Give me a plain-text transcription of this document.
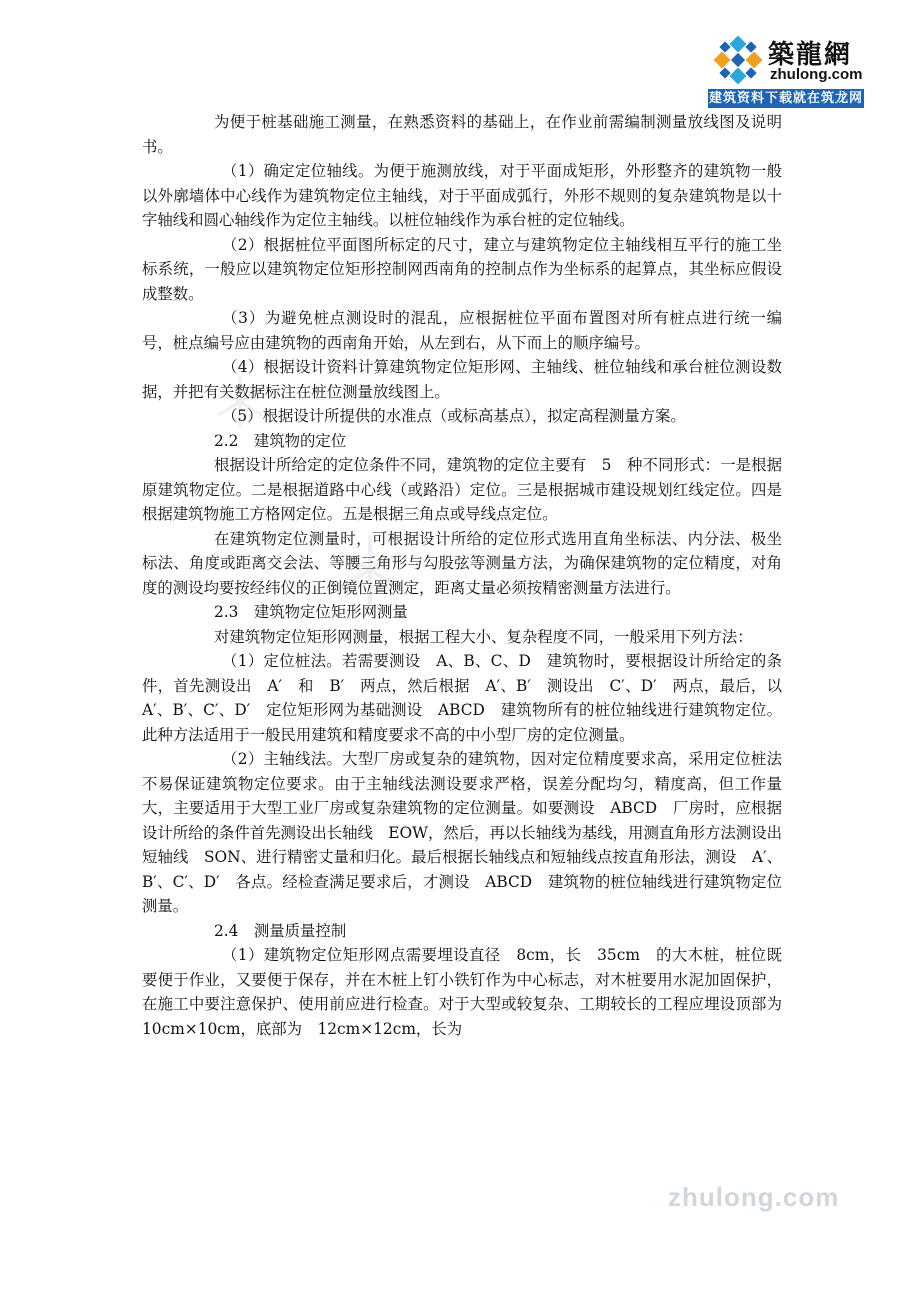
zhulong.com
築龍網
zhulong.com
建筑资料下载就在筑龙网

为便于桩基础施工测量，在熟悉资料的基础上，在作业前需编制测量放线图及说明书。

（1）确定定位轴线。为便于施测放线，对于平面成矩形，外形整齐的建筑物一般以外廓墙体中心线作为建筑物定位主轴线，对于平面成弧行，外形不规则的复杂建筑物是以十字轴线和圆心轴线作为定位主轴线。以桩位轴线作为承台桩的定位轴线。

（2）根据桩位平面图所标定的尺寸，建立与建筑物定位主轴线相互平行的施工坐标系统，一般应以建筑物定位矩形控制网西南角的控制点作为坐标系的起算点，其坐标应假设成整数。

（3）为避免桩点测设时的混乱，应根据桩位平面布置图对所有桩点进行统一编号，桩点编号应由建筑物的西南角开始，从左到右，从下而上的顺序编号。

（4）根据设计资料计算建筑物定位矩形网、主轴线、桩位轴线和承台桩位测设数据，并把有关数据标注在桩位测量放线图上。

（5）根据设计所提供的水准点（或标高基点），拟定高程测量方案。

2.2　建筑物的定位

根据设计所给定的定位条件不同，建筑物的定位主要有　5　种不同形式：一是根据原建筑物定位。二是根据道路中心线（或路沿）定位。三是根据城市建设规划红线定位。四是根据建筑物施工方格网定位。五是根据三角点或导线点定位。

在建筑物定位测量时，可根据设计所给的定位形式选用直角坐标法、内分法、极坐标法、角度或距离交会法、等腰三角形与勾股弦等测量方法，为确保建筑物的定位精度，对角度的测设均要按经纬仪的正倒镜位置测定，距离丈量必须按精密测量方法进行。

2.3　建筑物定位矩形网测量

对建筑物定位矩形网测量，根据工程大小、复杂程度不同，一般采用下列方法：

（1）定位桩法。若需要测设　A、B、C、D　建筑物时，要根据设计所给定的条件，首先测设出　A′　和　B′　两点，然后根据　A′、B′　测设出　C′、D′　两点，最后，以　A′、B′、C′、D′　定位矩形网为基础测设　ABCD　建筑物所有的桩位轴线进行建筑物定位。此种方法适用于一般民用建筑和精度要求不高的中小型厂房的定位测量。

（2）主轴线法。大型厂房或复杂的建筑物，因对定位精度要求高，采用定位桩法不易保证建筑物定位要求。由于主轴线法测设要求严格，误差分配均匀，精度高，但工作量大，主要适用于大型工业厂房或复杂建筑物的定位测量。如要测设　ABCD　厂房时，应根据设计所给的条件首先测设出长轴线　EOW，然后，再以长轴线为基线，用测直角形方法测设出短轴线　SON、进行精密丈量和归化。最后根据长轴线点和短轴线点按直角形法，测设　A′、B′、C′、D′　各点。经检查满足要求后，才测设　ABCD　建筑物的桩位轴线进行建筑物定位测量。

2.4　测量质量控制

（1）建筑物定位矩形网点需要埋设直径　8cm，长　35cm　的大木桩，桩位既要便于作业，又要便于保存，并在木桩上钉小铁钉作为中心标志，对木桩要用水泥加固保护，在施工中要注意保护、使用前应进行检查。对于大型或较复杂、工期较长的工程应埋设顶部为　10cm×10cm，底部为　12cm×12cm，长为
